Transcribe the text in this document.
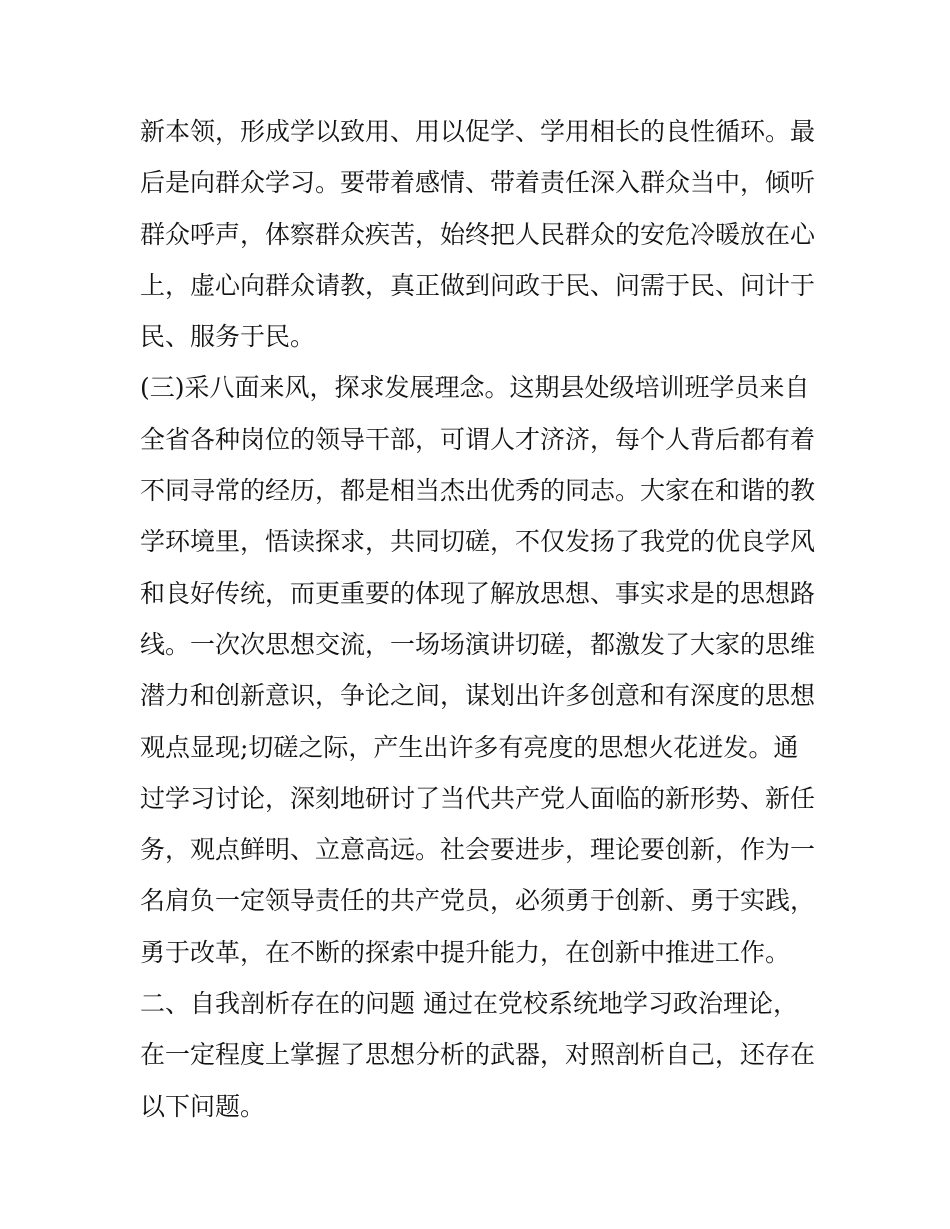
新本领，形成学以致用、用以促学、学用相长的良性循环。最
后是向群众学习。要带着感情、带着责任深入群众当中，倾听
群众呼声，体察群众疾苦，始终把人民群众的安危冷暖放在心
上，虚心向群众请教，真正做到问政于民、问需于民、问计于
民、服务于民。
(三)采八面来风，探求发展理念。这期县处级培训班学员来自
全省各种岗位的领导干部，可谓人才济济，每个人背后都有着
不同寻常的经历，都是相当杰出优秀的同志。大家在和谐的教
学环境里，悟读探求，共同切磋，不仅发扬了我党的优良学风
和良好传统，而更重要的体现了解放思想、事实求是的思想路
线。一次次思想交流，一场场演讲切磋，都激发了大家的思维
潜力和创新意识，争论之间，谋划出许多创意和有深度的思想
观点显现;切磋之际，产生出许多有亮度的思想火花迸发。通
过学习讨论，深刻地研讨了当代共产党人面临的新形势、新任
务，观点鲜明、立意高远。社会要进步，理论要创新，作为一
名肩负一定领导责任的共产党员，必须勇于创新、勇于实践，
勇于改革，在不断的探索中提升能力，在创新中推进工作。
二、自我剖析存在的问题 通过在党校系统地学习政治理论，
在一定程度上掌握了思想分析的武器，对照剖析自己，还存在
以下问题。
